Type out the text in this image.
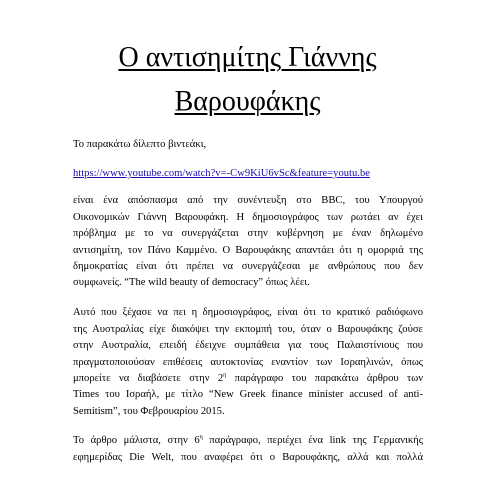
Ο αντισημίτης Γιάννης
Βαρουφάκης
Το παρακάτω δίλεπτο βιντεάκι,
https://www.youtube.com/watch?v=-Cw9KiU6vSc&feature=youtu.be
είναι ένα απόσπασμα από την συνέντευξη στο BBC, του Υπουργού
Οικονομικών Γιάννη Βαρουφάκη. Η δημοσιογράφος των ρωτάει αν έχει
πρόβλημα με το να συνεργάζεται στην κυβέρνηση με έναν δηλωμένο
αντισημίτη, τον Πάνο Καμμένο. Ο Βαρουφάκης απαντάει ότι η ομορφιά της
δημοκρατίας είναι ότι πρέπει να συνεργάζεσαι με ανθρώπους που δεν
συμφωνείς. “The wild beauty of democracy” όπως λέει.
Αυτό που ξέχασε να πει η δημοσιογράφος, είναι ότι το κρατικό ραδιόφωνο
της Αυστραλίας είχε διακόψει την εκπομπή του, όταν ο Βαρουφάκης ζούσε
στην Αυστραλία, επειδή έδειχνε συμπάθεια για τους Παλαιστίνιους που
πραγματοποιούσαν επιθέσεις αυτοκτονίας εναντίον των Ισραηλινών, όπως
μπορείτε να διαβάσετε στην $2^\eta$ παράγραφο του παρακάτω άρθρου των
Times του Ισραήλ, με τίτλο “New Greek finance minister accused of anti-
Semitism”, του Φεβρουαρίου 2015.
Το άρθρο μάλιστα, στην $6^\eta$ παράγραφο, περιέχει ένα link της Γερμανικής
εφημερίδας Die Welt, που αναφέρει ότι ο Βαρουφάκης, αλλά και πολλά
